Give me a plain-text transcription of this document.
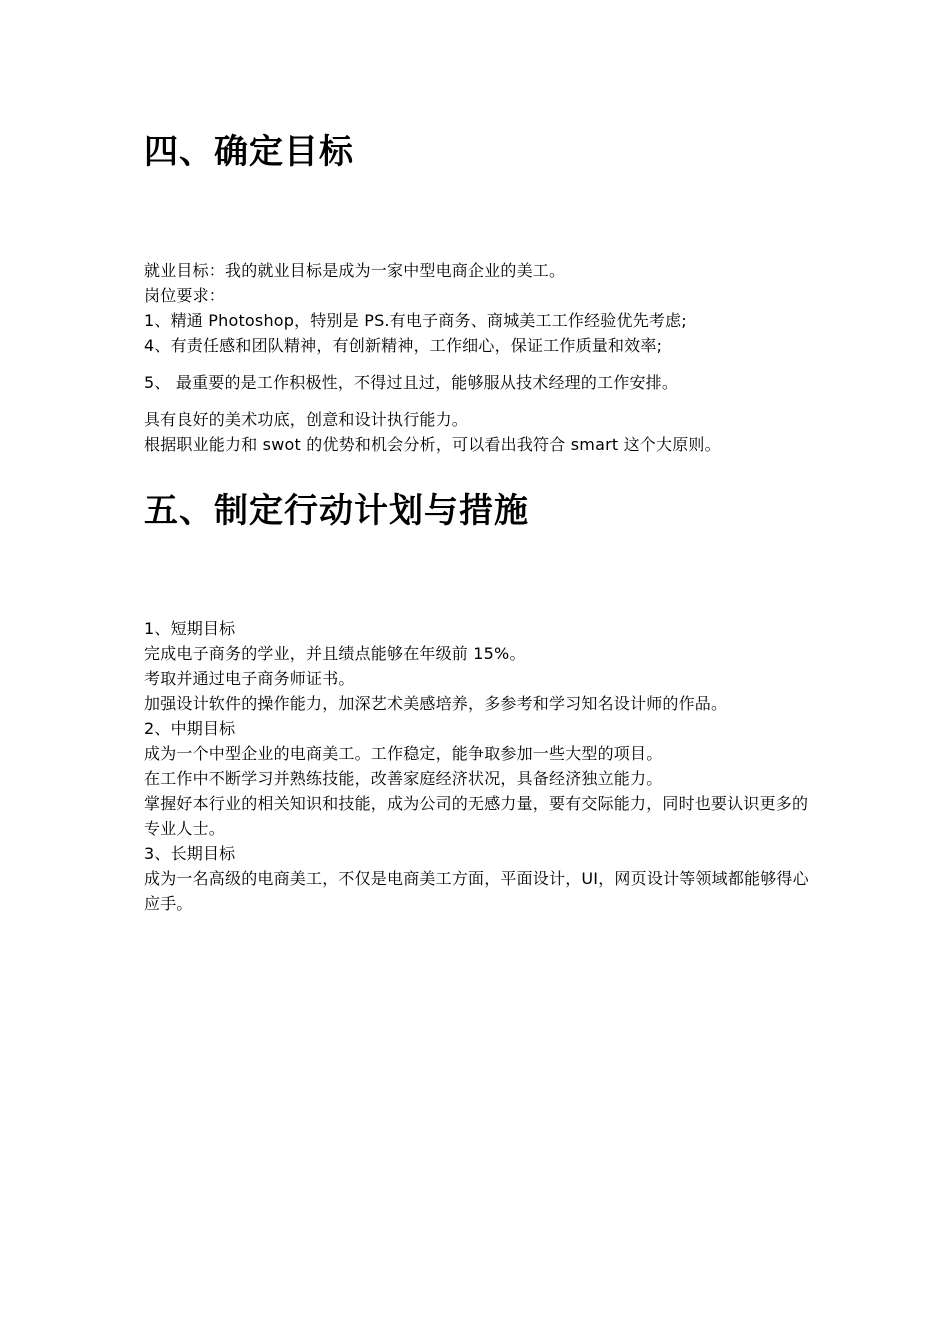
四、确定目标

就业目标：我的就业目标是成为一家中型电商企业的美工。

岗位要求：

1、精通 Photoshop，特别是 PS.有电子商务、商城美工工作经验优先考虑;

4、有责任感和团队精神，有创新精神，工作细心，保证工作质量和效率;

5、 最重要的是工作积极性，不得过且过，能够服从技术经理的工作安排。

具有良好的美术功底，创意和设计执行能力。

根据职业能力和 swot 的优势和机会分析，可以看出我符合 smart 这个大原则。

五、制定行动计划与措施

1、短期目标

完成电子商务的学业，并且绩点能够在年级前 15%。

考取并通过电子商务师证书。

加强设计软件的操作能力，加深艺术美感培养，多参考和学习知名设计师的作品。

2、中期目标

成为一个中型企业的电商美工。工作稳定，能争取参加一些大型的项目。

在工作中不断学习并熟练技能，改善家庭经济状况，具备经济独立能力。

掌握好本行业的相关知识和技能，成为公司的无感力量，要有交际能力，同时也要认识更多的专业人士。

3、长期目标

成为一名高级的电商美工，不仅是电商美工方面，平面设计，UI，网页设计等领域都能够得心应手。
